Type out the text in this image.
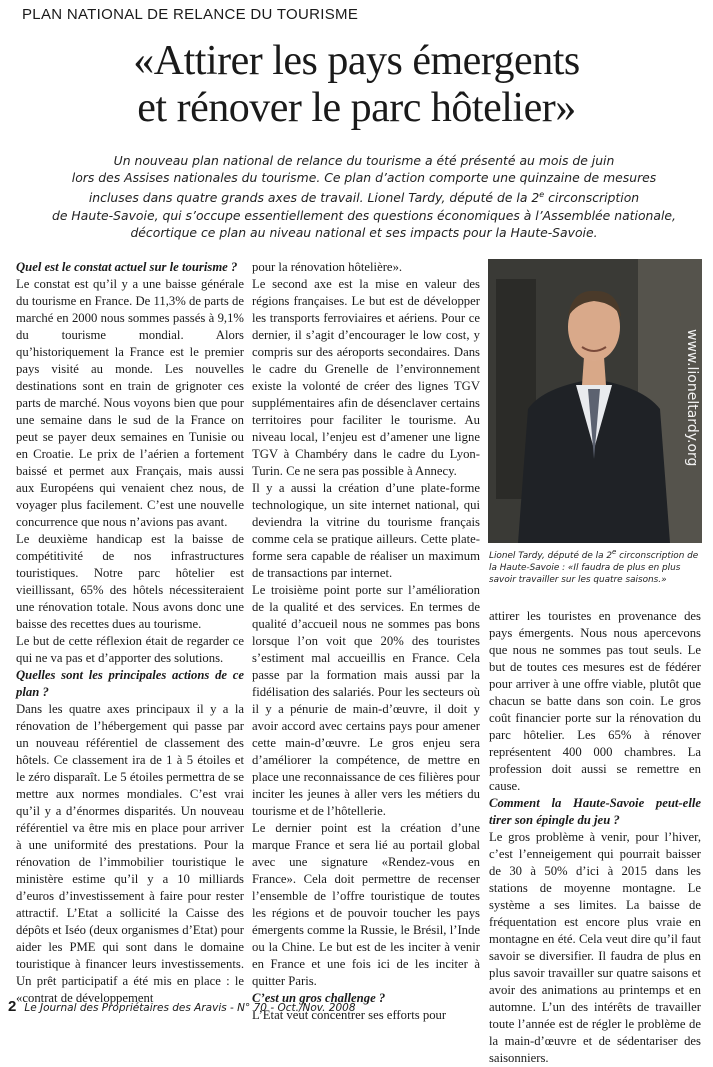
PLAN NATIONAL DE RELANCE DU TOURISME
«Attirer les pays émergents
et rénover le parc hôtelier»
Un nouveau plan national de relance du tourisme a été présenté au mois de juin
lors des Assises nationales du tourisme. Ce plan d’action comporte une quinzaine de mesures
incluses dans quatre grands axes de travail. Lionel Tardy, député de la 2e circonscription
de Haute-Savoie, qui s’occupe essentiellement des questions économiques à l’Assemblée nationale,
décortique ce plan au niveau national et ses impacts pour la Haute-Savoie.

Quel est le constat actuel sur le tourisme ?

Le constat est qu’il y a une baisse générale du tourisme en France. De 11,3% de parts de marché en 2000 nous sommes passés à 9,1% du tourisme mondial. Alors qu’historiquement la France est le premier pays visité au monde. Les nouvelles destinations sont en train de grignoter ces parts de marché. Nous voyons bien que pour une semaine dans le sud de la France on peut se payer deux semaines en Tunisie ou en Croatie. Le prix de l’aérien a fortement baissé et permet aux Français, mais aussi aux Européens qui venaient chez nous, de voyager plus facilement. C’est une nouvelle concurrence que nous n’avions pas avant.

Le deuxième handicap est la baisse de compétitivité de nos infrastructures touristiques. Notre parc hôtelier est vieillissant, 65% des hôtels nécessiteraient une rénovation totale. Nous avons donc une baisse des recettes dues au tourisme.

Le but de cette réflexion était de regarder ce qui ne va pas et d’apporter des solutions.

Quelles sont les principales actions de ce plan ?

Dans les quatre axes principaux il y a la rénovation de l’hébergement qui passe par un nouveau référentiel de classement des hôtels. Ce classement ira de 1 à 5 étoiles et le zéro disparaît. Le 5 étoiles permettra de se mettre aux normes mondiales. C’est vrai qu’il y a d’énormes disparités. Un nouveau référentiel va être mis en place pour arriver à une uniformité des prestations. Pour la rénovation de l’immobilier touristique le ministère estime qu’il y a 10 milliards d’euros d’investissement à faire pour rester attractif. L’Etat a sollicité la Caisse des dépôts et Iséo (deux organismes d’Etat) pour aider les PME qui sont dans le domaine touristique à financer leurs investissements. Un prêt participatif a été mis en place : le «contrat de développement

pour la rénovation hôtelière».

Le second axe est la mise en valeur des régions françaises. Le but est de développer les transports ferroviaires et aériens. Pour ce dernier, il s’agit d’encourager le low cost, y compris sur des aéroports secondaires. Dans le cadre du Grenelle de l’environnement existe la volonté de créer des lignes TGV supplémentaires afin de désenclaver certains territoires pour faciliter le tourisme. Au niveau local, l’enjeu est d’amener une ligne TGV à Chambéry dans le cadre du Lyon-Turin. Ce ne sera pas possible à Annecy.

Il y a aussi la création d’une plate-forme technologique, un site internet national, qui deviendra la vitrine du tourisme français comme cela se pratique ailleurs. Cette plate-forme sera capable de réaliser un maximum de transactions par internet.

Le troisième point porte sur l’amélioration de la qualité et des services. En termes de qualité d’accueil nous ne sommes pas bons lorsque l’on voit que 20% des touristes s’estiment mal accueillis en France. Cela passe par la formation mais aussi par la fidélisation des salariés. Pour les secteurs où il y a pénurie de main-d’œuvre, il doit y avoir accord avec certains pays pour amener cette main-d’œuvre. Le gros enjeu sera d’améliorer la compétence, de mettre en place une reconnaissance de ces filières pour inciter les jeunes à aller vers les métiers du tourisme et de l’hôtellerie.

Le dernier point est la création d’une marque France et sera lié au portail global avec une signature «Rendez-vous en France». Cela doit permettre de recenser l’ensemble de l’offre touristique de toutes les régions et de pouvoir toucher les pays émergents comme la Russie, le Brésil, l’Inde ou la Chine. Le but est de les inciter à venir en France et une fois ici de les inciter à quitter Paris.

C’est un gros challenge ?

L’Etat veut concentrer ses efforts pour

www.lioneltardy.org
Lionel Tardy, député de la 2e circonscription de la Haute-Savoie : «Il faudra de plus en plus savoir travailler sur les quatre saisons.»

attirer les touristes en provenance des pays émergents. Nous nous apercevons que nous ne sommes pas tout seuls. Le but de toutes ces mesures est de fédérer pour arriver à une offre viable, plutôt que chacun se batte dans son coin. Le gros coût financier porte sur la rénovation du parc hôtelier. Les 65% à rénover représentent 400 000 chambres. La profession doit aussi se remettre en cause.

Comment la Haute-Savoie peut-elle tirer son épingle du jeu ?

Le gros problème à venir, pour l’hiver, c’est l’enneigement qui pourrait baisser de 30 à 50% d’ici à 2015 dans les stations de moyenne montagne. Le système a ses limites. La baisse de fréquentation est encore plus vraie en montagne en été. Cela veut dire qu’il faut savoir se diversifier. Il faudra de plus en plus savoir travailler sur quatre saisons et avoir des animations au printemps et en automne. L’un des intérêts de travailler toute l’année est de régler le problème de la main-d’œuvre et de sédentariser des saisonniers.

2 Le Journal des Propriétaires des Aravis - N° 70 - Oct./Nov. 2008
